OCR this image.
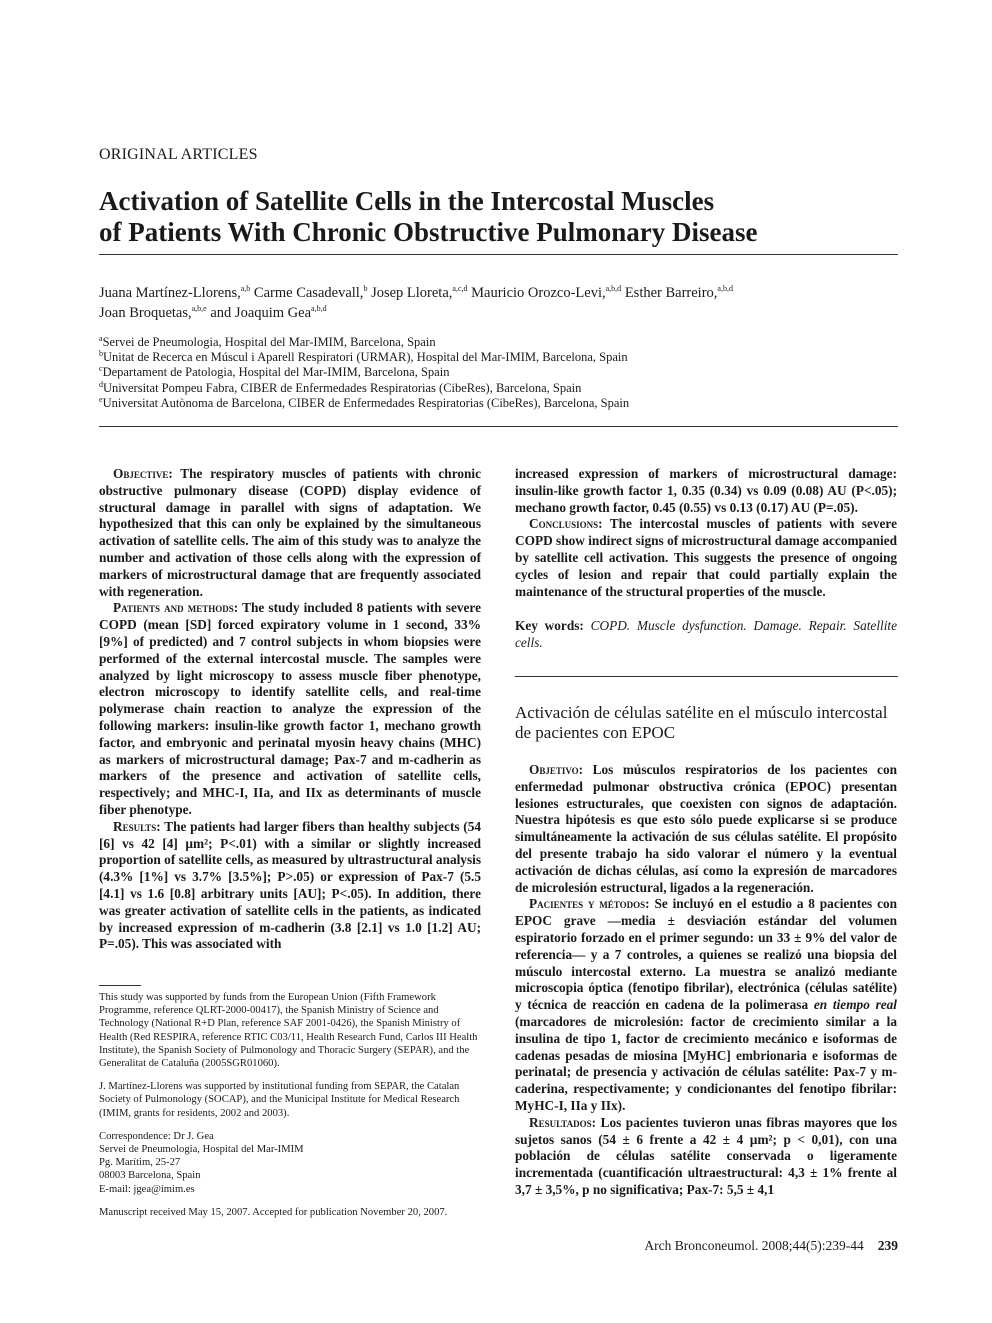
ORIGINAL ARTICLES
Activation of Satellite Cells in the Intercostal Muscles
of Patients With Chronic Obstructive Pulmonary Disease
Juana Martínez-Llorens,$^{a,b}$ Carme Casadevall,$^b$ Josep Lloreta,$^{a,c,d}$ Mauricio Orozco-Levi,$^{a,b,d}$ Esther Barreiro,$^{a,b,d}$
Joan Broquetas,$^{a,b,e}$ and Joaquim Gea$^{a,b,d}$
$^a$Servei de Pneumologia, Hospital del Mar-IMIM, Barcelona, Spain
$^b$Unitat de Recerca en Múscul i Aparell Respiratori (URMAR), Hospital del Mar-IMIM, Barcelona, Spain
$^c$Departament de Patologia, Hospital del Mar-IMIM, Barcelona, Spain
$^d$Universitat Pompeu Fabra, CIBER de Enfermedades Respiratorias (CibeRes), Barcelona, Spain
$^e$Universitat Autònoma de Barcelona, CIBER de Enfermedades Respiratorias (CibeRes), Barcelona, Spain

Objective: The respiratory muscles of patients with chronic obstructive pulmonary disease (COPD) display evidence of structural damage in parallel with signs of adaptation. We hypothesized that this can only be explained by the simultaneous activation of satellite cells. The aim of this study was to analyze the number and activation of those cells along with the expression of markers of microstructural damage that are frequently associated with regeneration.

Patients and methods: The study included 8 patients with severe COPD (mean [SD] forced expiratory volume in 1 second, 33% [9%] of predicted) and 7 control subjects in whom biopsies were performed of the external intercostal muscle. The samples were analyzed by light microscopy to assess muscle fiber phenotype, electron microscopy to identify satellite cells, and real-time polymerase chain reaction to analyze the expression of the following markers: insulin-like growth factor 1, mechano growth factor, and embryonic and perinatal myosin heavy chains (MHC) as markers of microstructural damage; Pax-7 and m-cadherin as markers of the presence and activation of satellite cells, respectively; and MHC-I, IIa, and IIx as determinants of muscle fiber phenotype.

Results: The patients had larger fibers than healthy subjects (54 [6] vs 42 [4] µm²; P<.01) with a similar or slightly increased proportion of satellite cells, as measured by ultrastructural analysis (4.3% [1%] vs 3.7% [3.5%]; P>.05) or expression of Pax-7 (5.5 [4.1] vs 1.6 [0.8] arbitrary units [AU]; P<.05). In addition, there was greater activation of satellite cells in the patients, as indicated by increased expression of m-cadherin (3.8 [2.1] vs 1.0 [1.2] AU; P=.05). This was associated with

increased expression of markers of microstructural damage: insulin-like growth factor 1, 0.35 (0.34) vs 0.09 (0.08) AU (P<.05); mechano growth factor, 0.45 (0.55) vs 0.13 (0.17) AU (P=.05).

Conclusions: The intercostal muscles of patients with severe COPD show indirect signs of microstructural damage accompanied by satellite cell activation. This suggests the presence of ongoing cycles of lesion and repair that could partially explain the maintenance of the structural properties of the muscle.

Key words: COPD. Muscle dysfunction. Damage. Repair. Satellite cells.
Activación de células satélite en el músculo intercostal de pacientes con EPOC

Objetivo: Los músculos respiratorios de los pacientes con enfermedad pulmonar obstructiva crónica (EPOC) presentan lesiones estructurales, que coexisten con signos de adaptación. Nuestra hipótesis es que esto sólo puede explicarse si se produce simultáneamente la activación de sus células satélite. El propósito del presente trabajo ha sido valorar el número y la eventual activación de dichas células, así como la expresión de marcadores de microlesión estructural, ligados a la regeneración.

Pacientes y métodos: Se incluyó en el estudio a 8 pacientes con EPOC grave —media ± desviación estándar del volumen espiratorio forzado en el primer segundo: un 33 ± 9% del valor de referencia— y a 7 controles, a quienes se realizó una biopsia del músculo intercostal externo. La muestra se analizó mediante microscopia óptica (fenotipo fibrilar), electrónica (células satélite) y técnica de reacción en cadena de la polimerasa en tiempo real (marcadores de microlesión: factor de crecimiento similar a la insulina de tipo 1, factor de crecimiento mecánico e isoformas de cadenas pesadas de miosina [MyHC] embrionaria e isoformas de perinatal; de presencia y activación de células satélite: Pax-7 y m-caderina, respectivamente; y condicionantes del fenotipo fibrilar: MyHC-I, IIa y IIx).

Resultados: Los pacientes tuvieron unas fibras mayores que los sujetos sanos (54 ± 6 frente a 42 ± 4 µm²; p < 0,01), con una población de células satélite conservada o ligeramente incrementada (cuantificación ultraestructural: 4,3 ± 1% frente al 3,7 ± 3,5%, p no significativa; Pax-7: 5,5 ± 4,1

This study was supported by funds from the European Union (Fifth Framework Programme, reference QLRT-2000-00417), the Spanish Ministry of Science and Technology (National R+D Plan, reference SAF 2001-0426), the Spanish Ministry of Health (Red RESPIRA, reference RTIC C03/11, Health Research Fund, Carlos III Health Institute), the Spanish Society of Pulmonology and Thoracic Surgery (SEPAR), and the Generalitat de Cataluña (2005SGR01060).

J. Martínez-Llorens was supported by institutional funding from SEPAR, the Catalan Society of Pulmonology (SOCAP), and the Municipal Institute for Medical Research (IMIM, grants for residents, 2002 and 2003).

Correspondence: Dr J. Gea
Servei de Pneumologia, Hospital del Mar-IMIM
Pg. Marítim, 25-27
08003 Barcelona, Spain
E-mail: jgea@imim.es

Manuscript received May 15, 2007. Accepted for publication November 20, 2007.

Arch Bronconeumol. 2008;44(5):239-44 239
